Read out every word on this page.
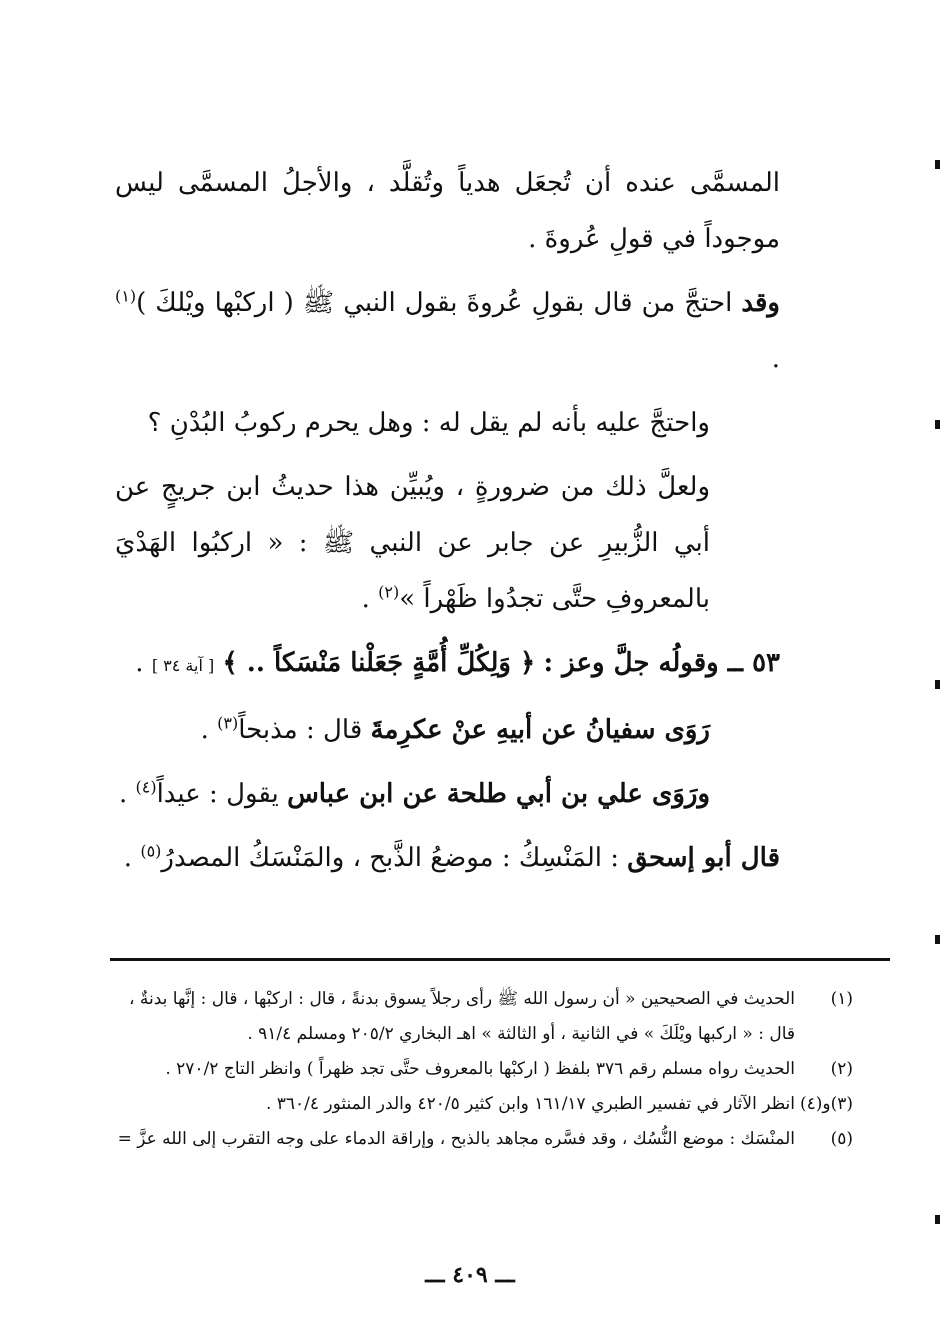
المسمَّى عنده أن تُجعَل هدياً وتُقلَّد ، والأجلُ المسمَّى ليس موجوداً في قولِ عُروةَ .

وقد احتجَّ من قال بقولِ عُروةَ بقول النبي ﷺ ( اركبْها ويْلكَ )$^{(١)}$ .

واحتجَّ عليه بأنه لم يقل له : وهل يحرم ركوبُ البُدْنِ ؟

ولعلَّ ذلك من ضرورةٍ ، ويُبيِّن هذا حديثُ ابن جريجٍ عن أبي الزُّبيرِ عن جابر عن النبي ﷺ : « اركبُوا الهَدْيَ بالمعروفِ حتَّى تجدُوا ظَهْراً »$^{(٢)}$ .

٥٣ ــ وقولُه جلَّ وعز : ﴿ وَلِكُلِّ أُمَّةٍ جَعَلْنا مَنْسَكاً .. ﴾ [ آية ٣٤ ] .

رَوَى سفيانُ عن أبيهِ عنْ عكرِمةَ قال : مذبحاً$^{(٣)}$ .

ورَوَى علي بن أبي طلحة عن ابن عباس يقول : عيداً$^{(٤)}$ .

قال أبو إسحق : المَنْسِكُ : موضعُ الذَّبح ، والمَنْسَكُ المصدرُ$^{(٥)}$ .

(١)
الحديث في الصحيحين « أن رسول الله ﷺ رأى رجلاً يسوق بدنةً ، قال : اركبْها ، قال : إنَّها بدنةٌ ، قال : « اركبها ويْلَكَ » في الثانية ، أو الثالثة » اهـ البخاري ٢٠٥/٢ ومسلم ٩١/٤ .
(٢)
الحديث رواه مسلم رقم ٣٧٦ بلفظ ( اركبْها بالمعروف حتَّى تجد ظهراً ) وانظر التاج ٢٧٠/٢ .
(٣)و(٤)
انظر الآثار في تفسير الطبري ١٦١/١٧ وابن كثير ٤٢٠/٥ والدر المنثور ٣٦٠/٤ .
(٥)
المنْسَك : موضع النُّسُك ، وقد فسَّره مجاهد بالذبح ، وإراقة الدماء على وجه التقرب إلى الله عزَّ =
ـــ ٤٠٩ ـــ
